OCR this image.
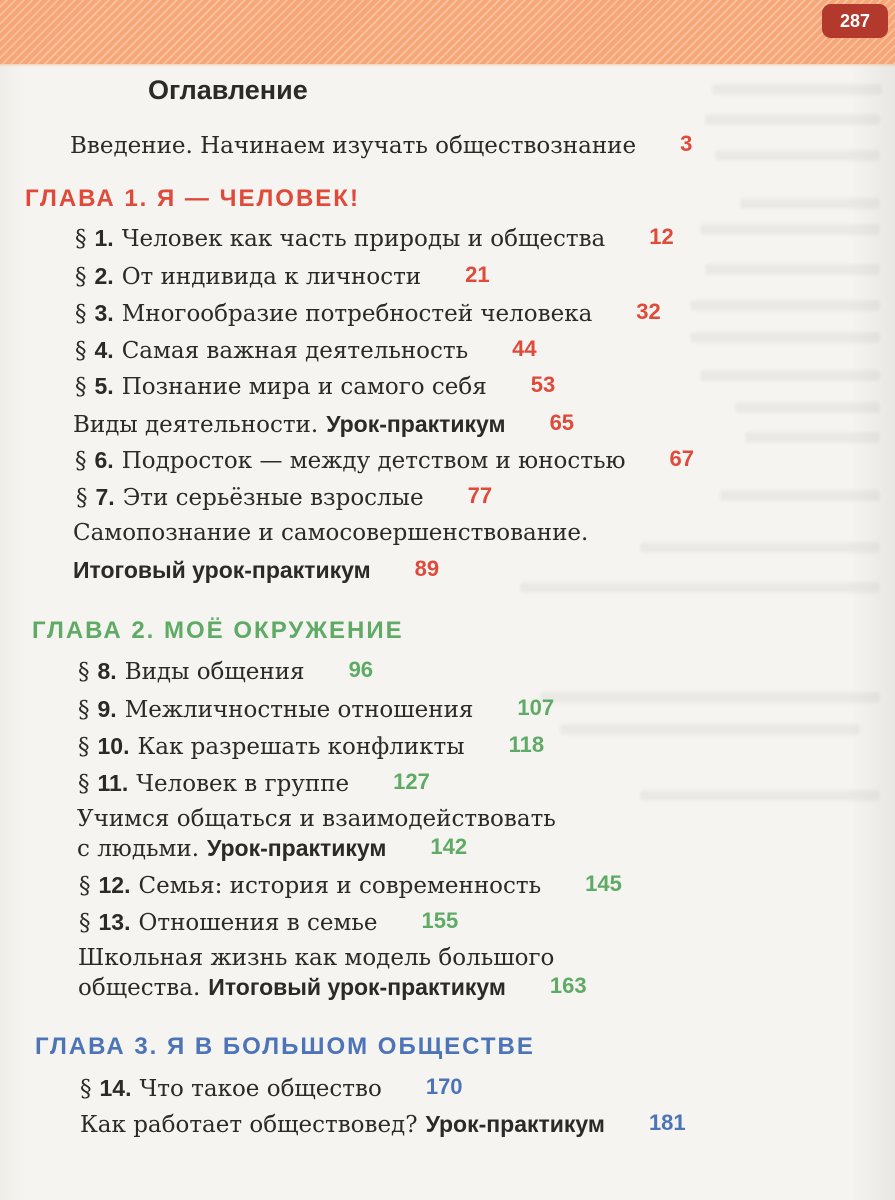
287
Оглавление
Введение. Начинаем изучать обществознание 3
ГЛАВА 1. Я — ЧЕЛОВЕК!
§ 1. Человек как часть природы и общества 12
§ 2. От индивида к личности 21
§ 3. Многообразие потребностей человека 32
§ 4. Самая важная деятельность 44
§ 5. Познание мира и самого себя 53
Виды деятельности. Урок-практикум 65
§ 6. Подросток — между детством и юностью 67
§ 7. Эти серьёзные взрослые 77
Самопознание и самосовершенствование.
Итоговый урок-практикум 89
ГЛАВА 2. МОЁ ОКРУЖЕНИЕ
§ 8. Виды общения 96
§ 9. Межличностные отношения 107
§ 10. Как разрешать конфликты 118
§ 11. Человек в группе 127
Учимся общаться и взаимодействовать
с людьми. Урок-практикум 142
§ 12. Семья: история и современность 145
§ 13. Отношения в семье 155
Школьная жизнь как модель большого
общества. Итоговый урок-практикум 163
ГЛАВА 3. Я В БОЛЬШОМ ОБЩЕСТВЕ
§ 14. Что такое общество 170
Как работает обществовед? Урок-практикум 181
